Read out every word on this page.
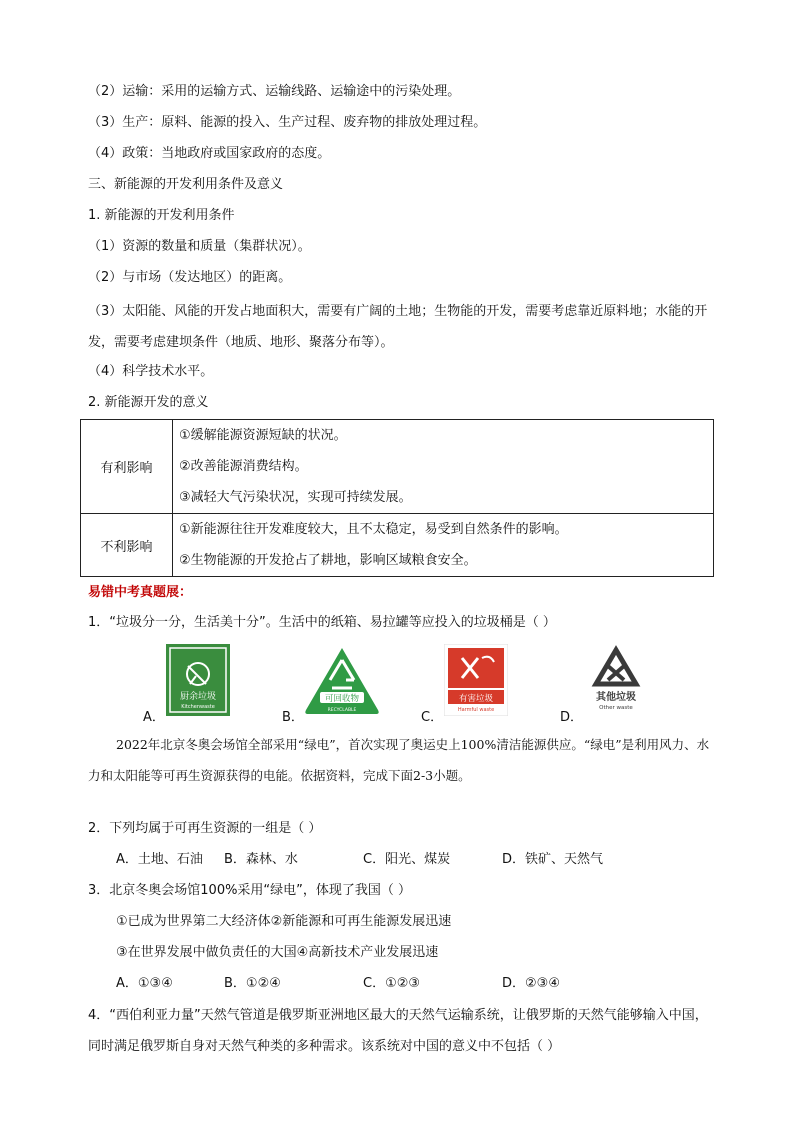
（2）运输：采用的运输方式、运输线路、运输途中的污染处理。
（3）生产：原料、能源的投入、生产过程、废弃物的排放处理过程。
（4）政策：当地政府或国家政府的态度。
三、新能源的开发利用条件及意义
1. 新能源的开发利用条件
（1）资源的数量和质量（集群状况）。
（2）与市场（发达地区）的距离。
（3）太阳能、风能的开发占地面积大，需要有广阔的土地；生物能的开发，需要考虑靠近原料地；水能的开发，需要考虑建坝条件（地质、地形、聚落分布等）。
（4）科学技术水平。
2. 新能源开发的意义
有利影响	①缓解能源资源短缺的状况。
②改善能源消费结构。
③减轻大气污染状况，实现可持续发展。

不利影响	①新能源往往开发难度较大，且不太稳定，易受到自然条件的影响。
②生物能源的开发抢占了耕地，影响区域粮食安全。
易错中考真题展：
1．“垃圾分一分，生活美十分”。生活中的纸箱、易拉罐等应投入的垃圾桶是（ ）
A．
厨余垃圾
Kitchenwaste
B．
可回收物
RECYCLABLE	C．
有害垃圾
Harmful waste	D．
其他垃圾
Other waste
2022年北京冬奥会场馆全部采用“绿电”，首次实现了奥运史上100%清洁能源供应。“绿电”是利用风力、水力和太阳能等可再生资源获得的电能。依据资料，完成下面2-3小题。
2．下列均属于可再生资源的一组是（ ）
A．土地、石油 B．森林、水	C．阳光、煤炭	D．铁矿、天然气
3．北京冬奥会场馆100%采用“绿电”，体现了我国（ ）
①已成为世界第二大经济体②新能源和可再生能源发展迅速
③在世界发展中做负责任的大国④高新技术产业发展迅速
A．①③④	B．①②④	C．①②③	D．②③④
4．“西伯利亚力量”天然气管道是俄罗斯亚洲地区最大的天然气运输系统，让俄罗斯的天然气能够输入中国，同时满足俄罗斯自身对天然气种类的多种需求。该系统对中国的意义中不包括（ ）
